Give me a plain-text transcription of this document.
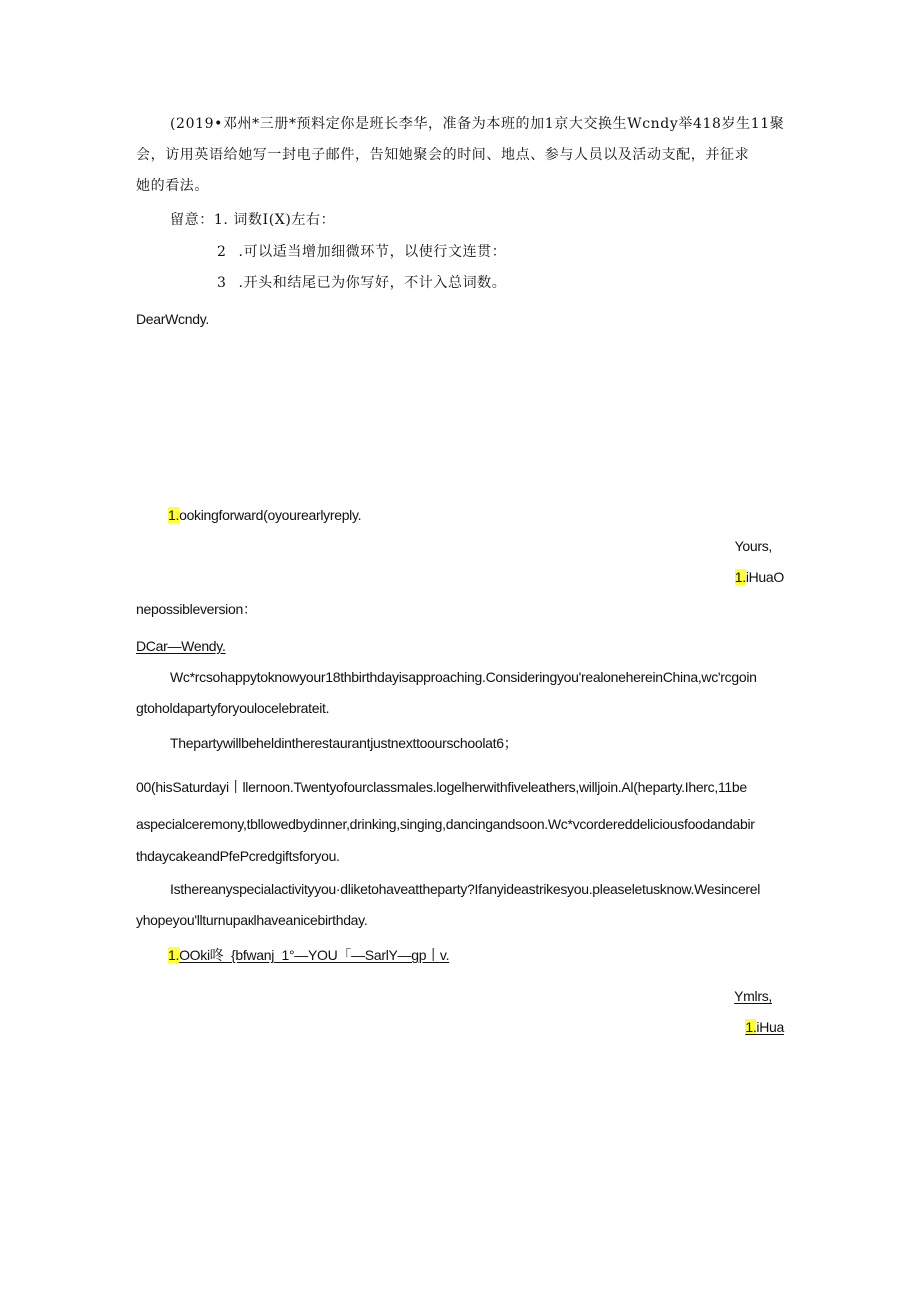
(2019•邓州*三册*预料定你是班长李华，准备为本班的加1京大交换生Wcndy举418岁生11聚
会，访用英语给她写一封电子邮件，告知她聚会的时间、地点、参与人员以及活动支配，并征求
她的看法。
留意：1. 词数I(X)左右：
2 .可以适当增加细微环节，以使行文连贯：
3 .开头和结尾已为你写好，不计入总词数。
DearWcndy.
1.ookingforward(oyourearlyreply.
Yours,
1.iHuaO
nepossibleversion：
DCar—Wendy.
Wc*rcsohappytoknowyour18thbirthdayisapproaching.Consideringyou'realonehereinChina,wc'rcgoin
gtoholdapartyforyoulocelebrateit.
Thepartywillbeheldintherestaurantjustnexttoourschoolat6；
00(hisSaturdayi丨llernoon.Twentyofourclassmales.logelherwithfiveleathers,willjoin.Al(heparty.Iherc,11be
aspecialceremony,tbllowedbydinner,drinking,singing,dancingandsoon.Wc*vcordereddeliciousfoodandabir
thdaycakeandPfePcredgiftsforyou.
Isthereanyspecialactivityyou·dliketohaveattheparty?Ifanyideastrikesyou.pleaseletusknow.Wesincerel
yhopeyou'llturnupaкlhaveanicebirthday.
1.OOki咚_{bfwanj_1°—YOU「—SarlY—gp丨v.
Ymlrs,
1.iHua
